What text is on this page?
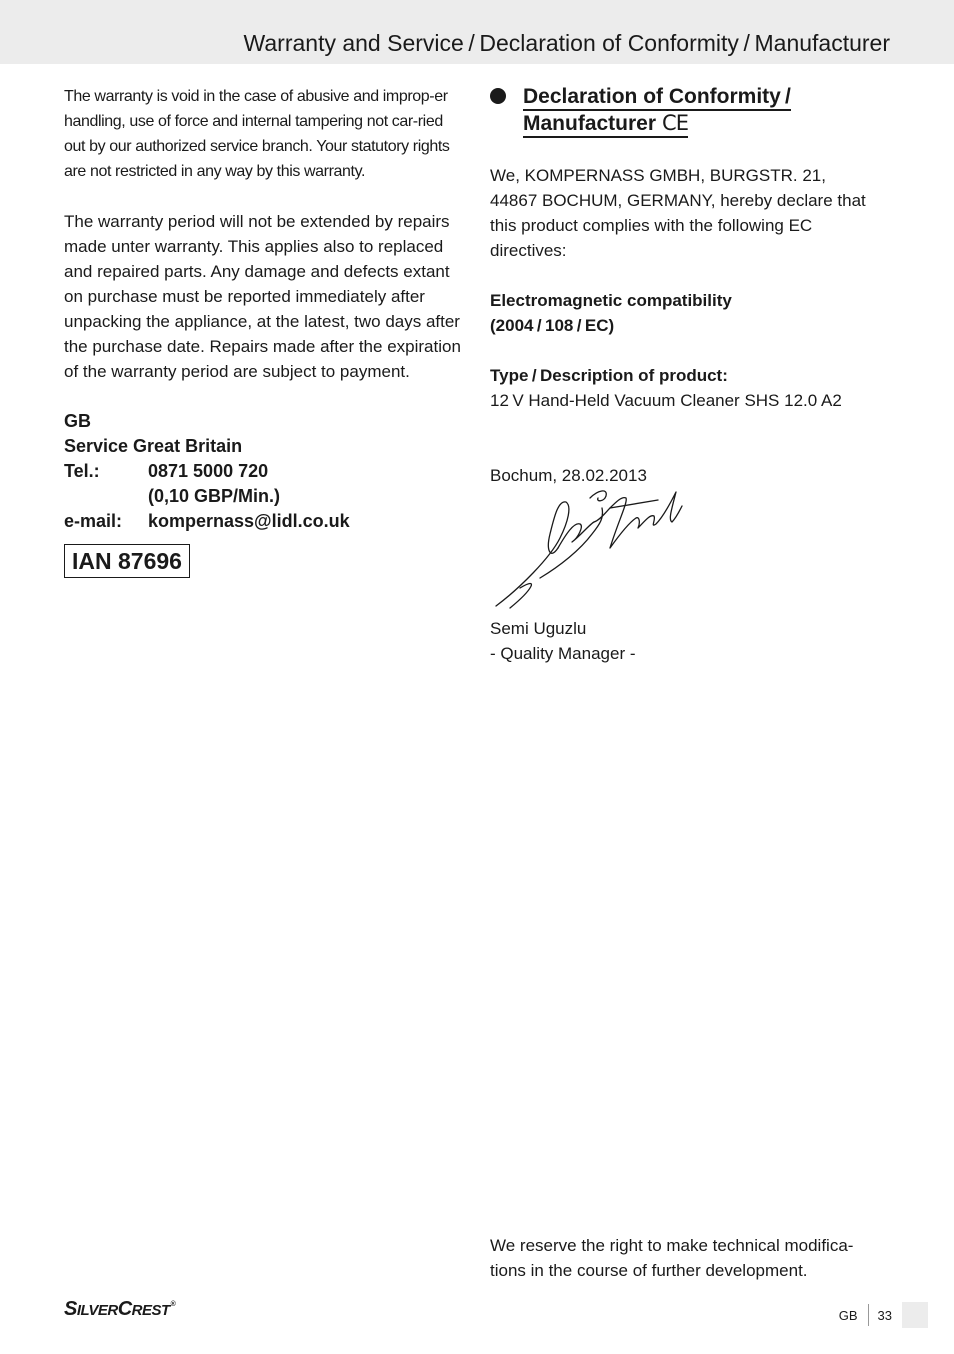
Warranty and Service / Declaration of Conformity / Manufacturer

The warranty is void in the case of abusive and improp-er handling, use of force and internal tampering not car-ried out by our authorized service branch. Your statutory rights are not restricted in any way by this warranty.

The warranty period will not be extended by repairs made unter warranty. This applies also to replaced and repaired parts. Any damage and defects extant on purchase must be reported immediately after unpacking the appliance, at the latest, two days after the purchase date. Repairs made after the expiration of the warranty period are subject to payment.

GB
Service Great Britain
Tel.:	0871 5000 720
(0,10 GBP/Min.)
e-mail:	kompernass@lidl.co.uk
IAN 87696

Declaration of Conformity /
Manufacturer CE

We, KOMPERNASS GMBH, BURGSTR. 21, 44867 BOCHUM, GERMANY, hereby declare that this product complies with the following EC directives:

Electromagnetic compatibility

(2004 / 108 / EC)

Type / Description of product:

12 V Hand-Held Vacuum Cleaner SHS 12.0 A2

Bochum, 28.02.2013

Semi Uguzlu

- Quality Manager -

We reserve the right to make technical modifica-tions in the course of further development.

SILVERCREST®
GB	33
